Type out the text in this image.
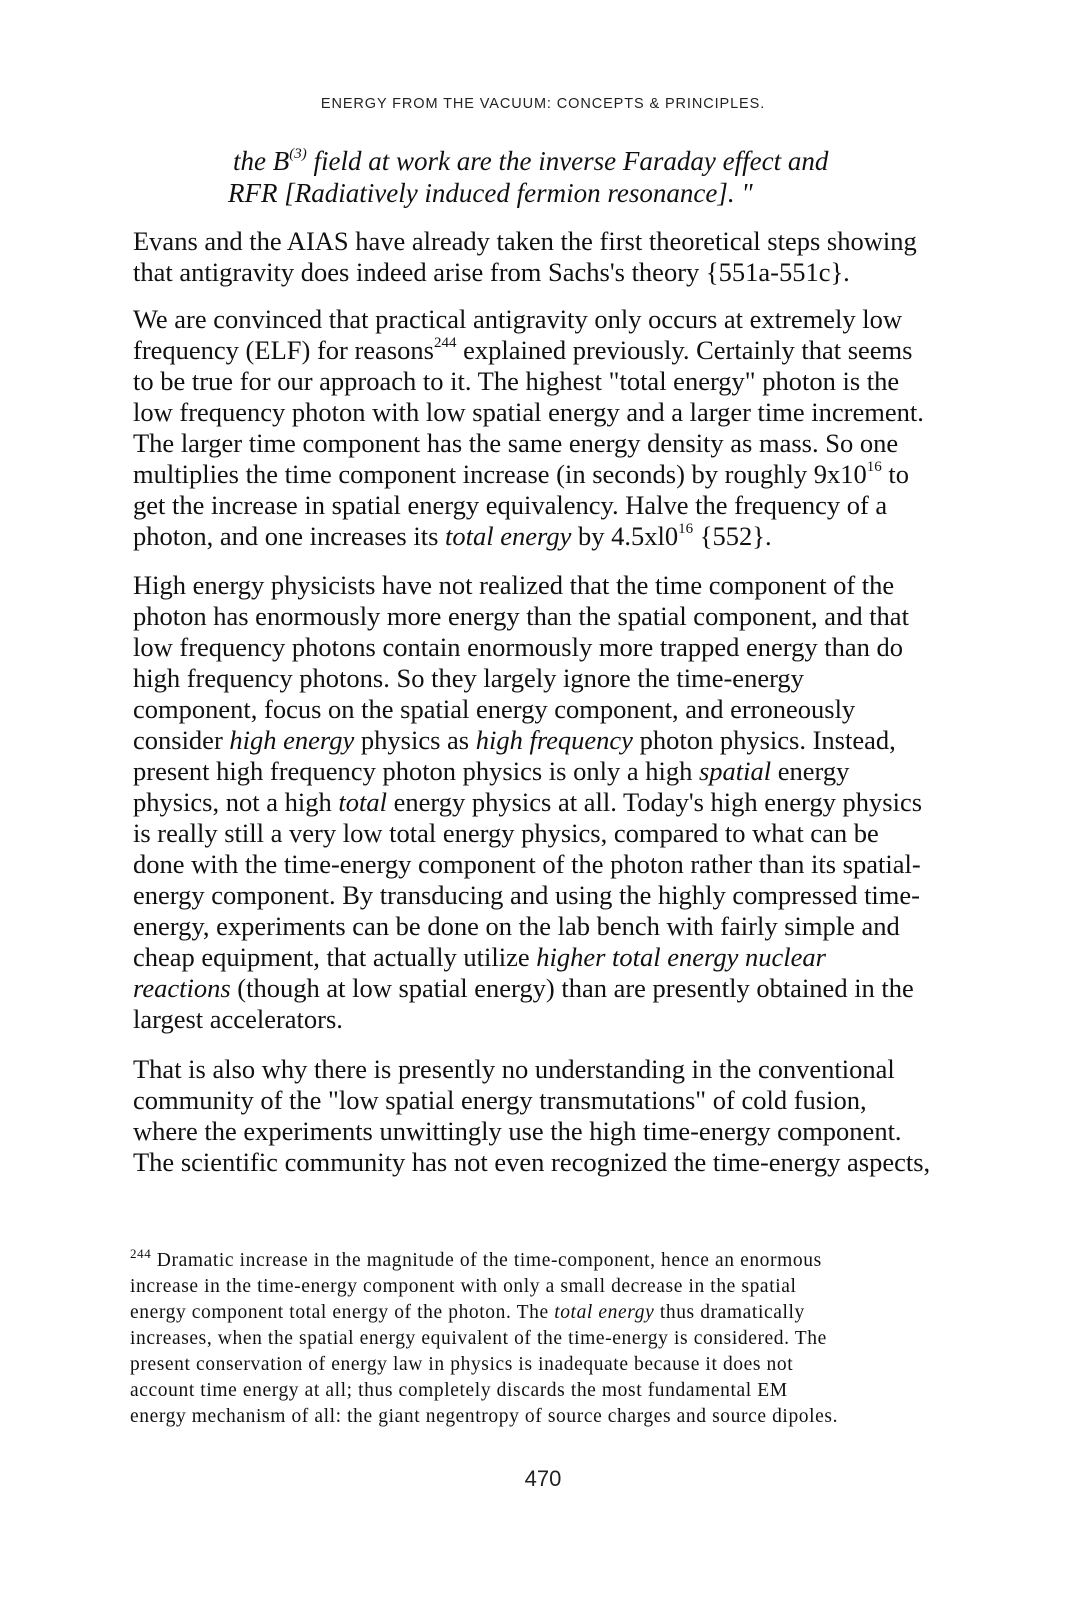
ENERGY FROM THE VACUUM: CONCEPTS & PRINCIPLES.
the $B^{(3)}$ field at work are the inverse Faraday effect and
RFR [Radiatively induced fermion resonance]. "
Evans and the AIAS have already taken the first theoretical steps showing
that antigravity does indeed arise from Sachs's theory {551a-551c}.
We are convinced that practical antigravity only occurs at extremely low
frequency (ELF) for reasons$^{244}$ explained previously. Certainly that seems
to be true for our approach to it. The highest "total energy" photon is the
low frequency photon with low spatial energy and a larger time increment.
The larger time component has the same energy density as mass. So one
multiplies the time component increase (in seconds) by roughly $9x10^{16}$ to
get the increase in spatial energy equivalency. Halve the frequency of a
photon, and one increases its total energy by $4.5xl0^{16}$ {552}.
High energy physicists have not realized that the time component of the
photon has enormously more energy than the spatial component, and that
low frequency photons contain enormously more trapped energy than do
high frequency photons. So they largely ignore the time-energy
component, focus on the spatial energy component, and erroneously
consider high energy physics as high frequency photon physics. Instead,
present high frequency photon physics is only a high spatial energy
physics, not a high total energy physics at all. Today's high energy physics
is really still a very low total energy physics, compared to what can be
done with the time-energy component of the photon rather than its spatial-
energy component. By transducing and using the highly compressed time-
energy, experiments can be done on the lab bench with fairly simple and
cheap equipment, that actually utilize higher total energy nuclear
reactions (though at low spatial energy) than are presently obtained in the
largest accelerators.
That is also why there is presently no understanding in the conventional
community of the "low spatial energy transmutations" of cold fusion,
where the experiments unwittingly use the high time-energy component.
The scientific community has not even recognized the time-energy aspects,
$^{244}$ Dramatic increase in the magnitude of the time-component, hence an enormous
increase in the time-energy component with only a small decrease in the spatial
energy component total energy of the photon. The total energy thus dramatically
increases, when the spatial energy equivalent of the time-energy is considered. The
present conservation of energy law in physics is inadequate because it does not
account time energy at all; thus completely discards the most fundamental EM
energy mechanism of all: the giant negentropy of source charges and source dipoles.
470
